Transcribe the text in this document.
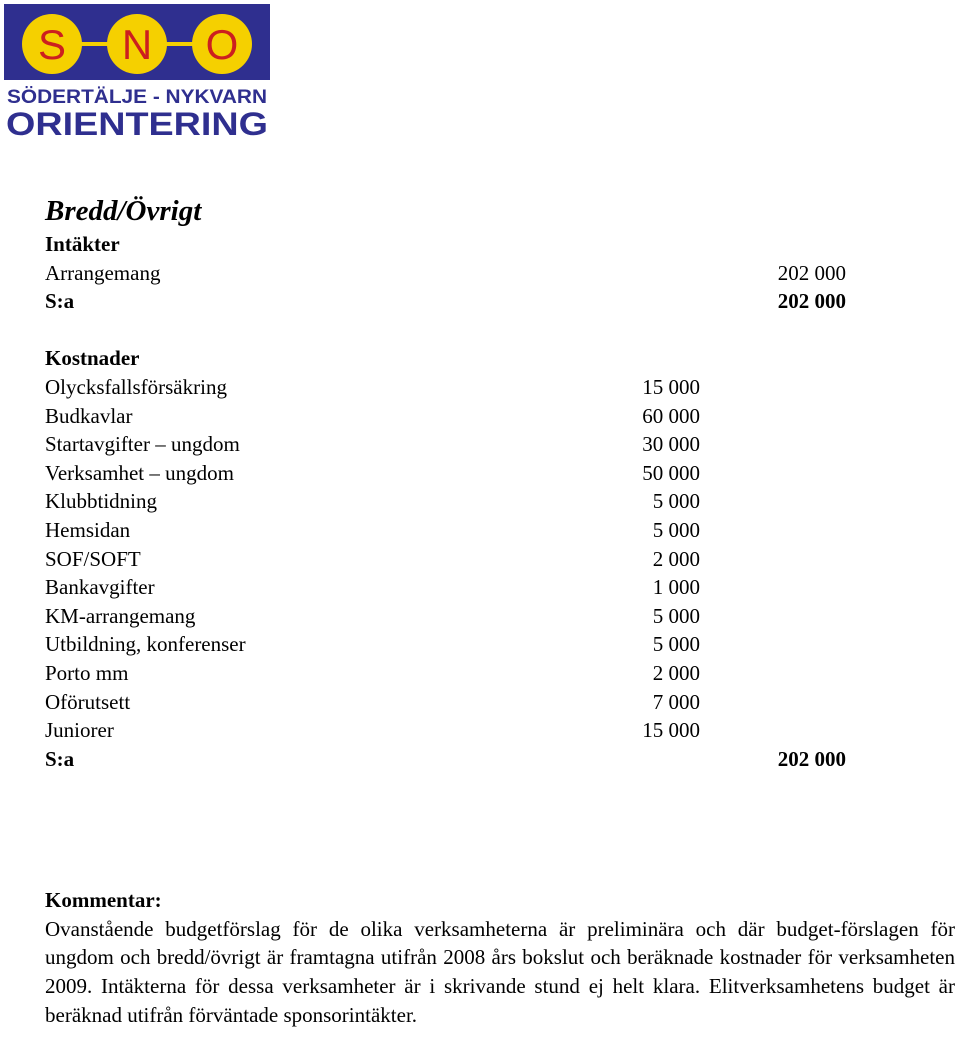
S N O
SÖDERTÄLJE - NYKVARN
ORIENTERING
Bredd/Övrigt
Intäkter
Arrangemang	202 000
S:a	202 000
Kostnader
Olycksfallsförsäkring	15 000
Budkavlar	60 000
Startavgifter – ungdom	30 000
Verksamhet – ungdom	50 000
Klubbtidning	5 000
Hemsidan	5 000
SOF/SOFT	2 000
Bankavgifter	1 000
KM-arrangemang	5 000
Utbildning, konferenser	5 000
Porto mm	2 000
Oförutsett	7 000
Juniorer	15 000
S:a	202 000
Kommentar:
Ovanstående budgetförslag för de olika verksamheterna är preliminära och där budget-förslagen för ungdom och bredd/övrigt är framtagna utifrån 2008 års bokslut och beräknade kostnader för verksamheten 2009. Intäkterna för dessa verksamheter är i skrivande stund ej helt klara. Elitverksamhetens budget är beräknad utifrån förväntade sponsorintäkter.
